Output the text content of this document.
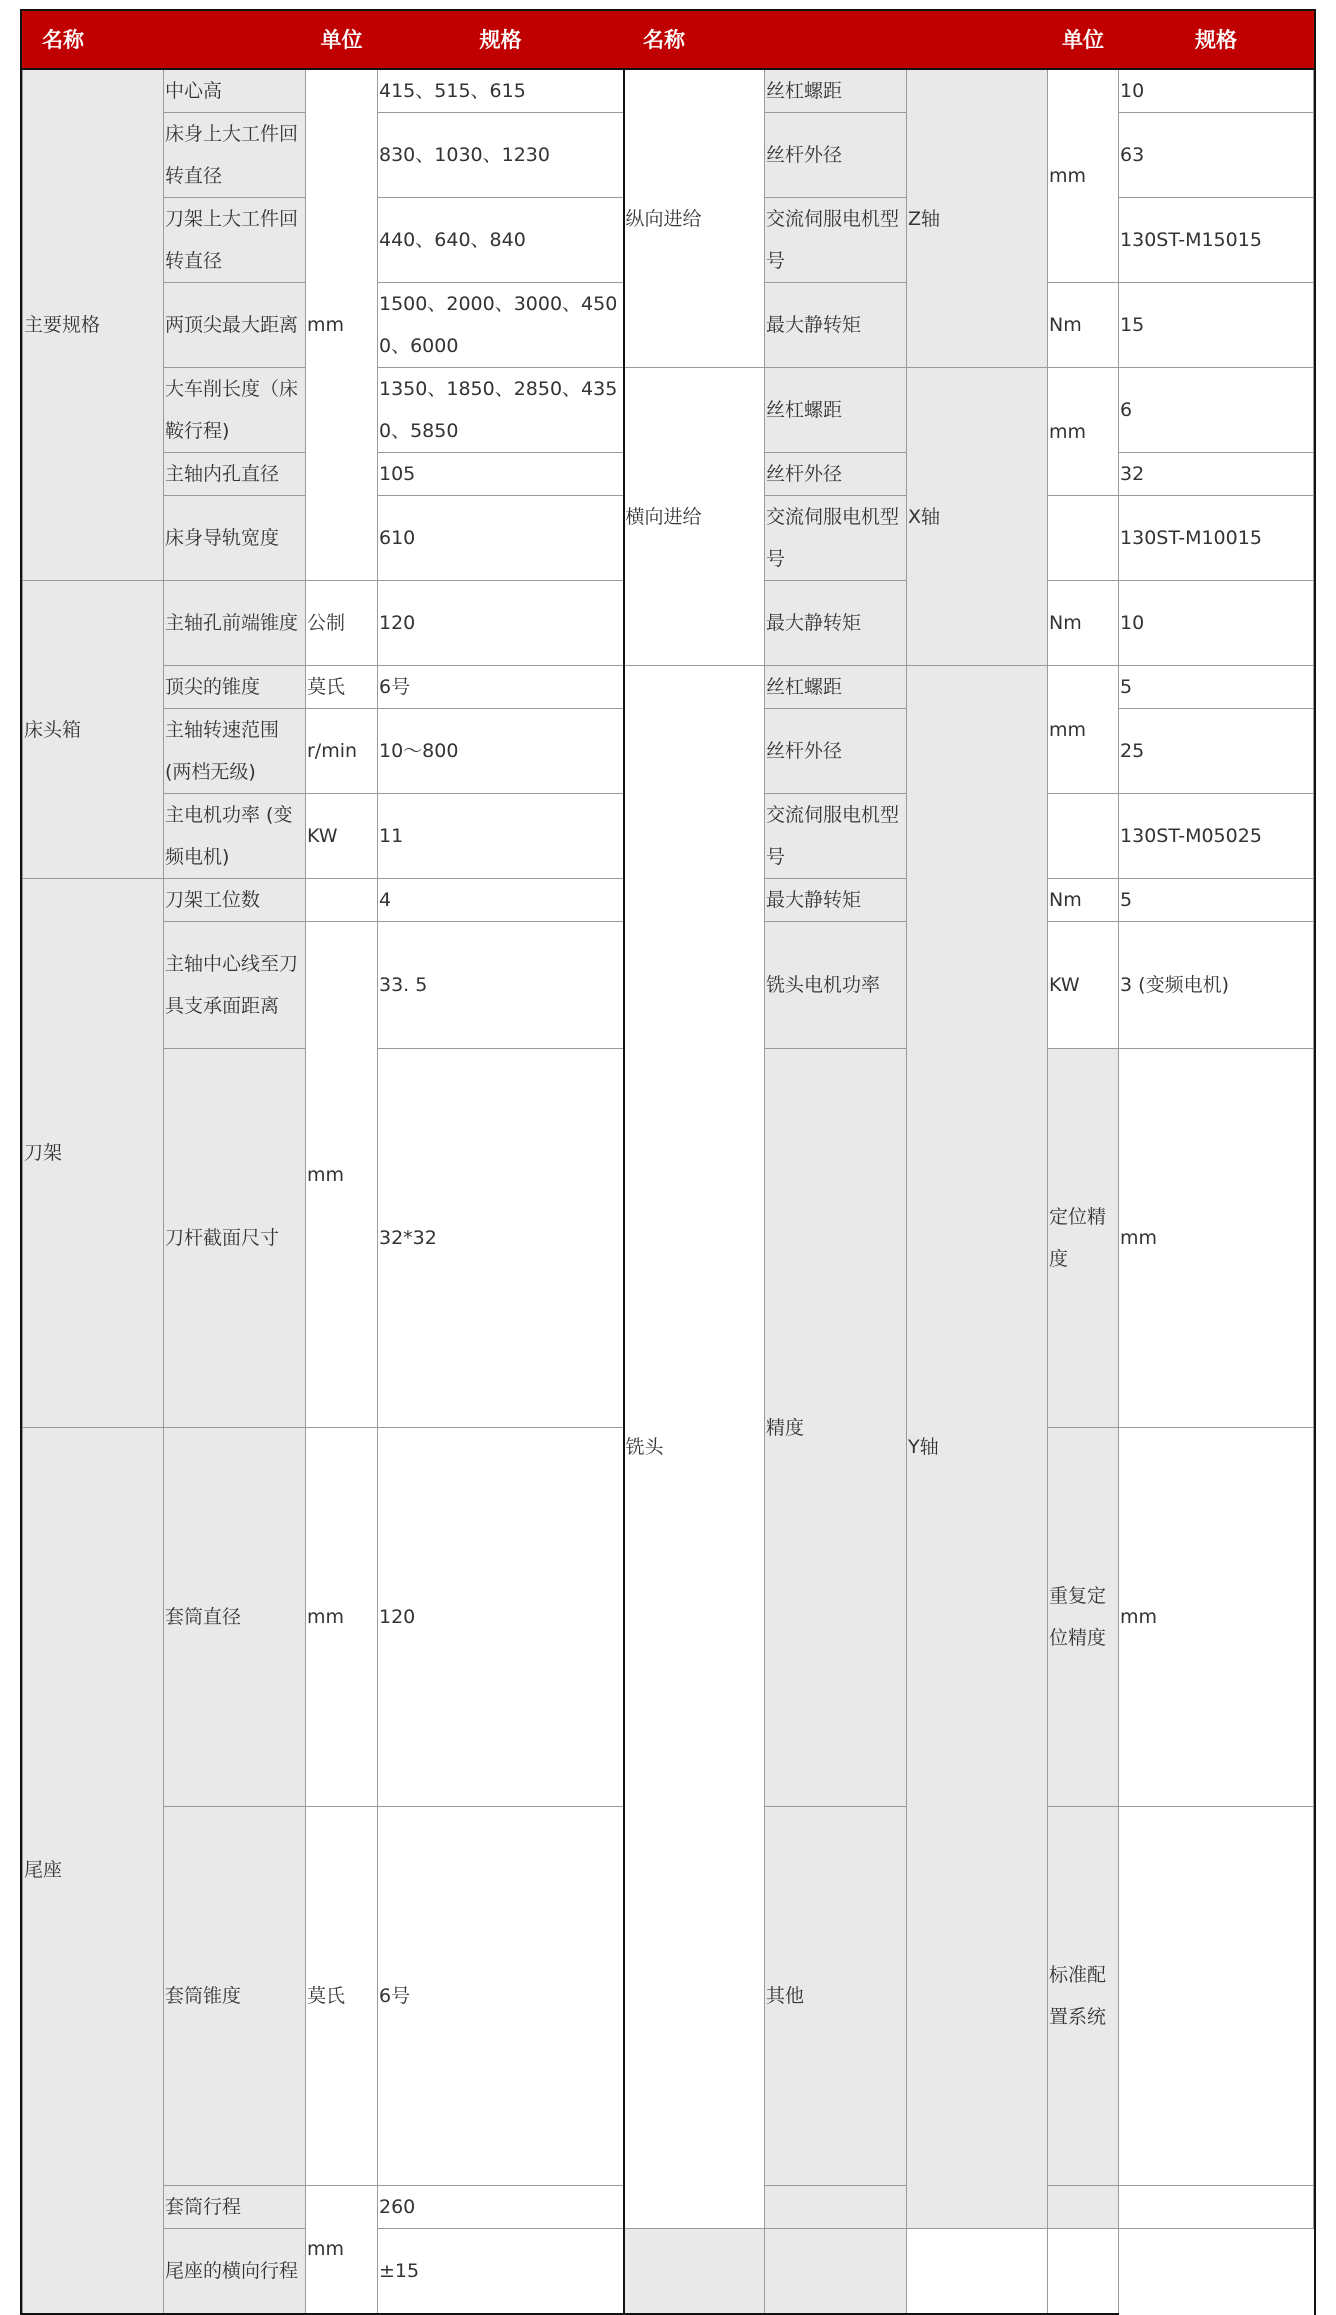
名称		单位	规格	名称			单位	规格	
主要规格	中心高	mm	415、515、615	纵向进给	丝杠螺距	Z轴	mm	10	
	床身上大工件回转直径		830、1030、1230		丝杆外径			63	
	刀架上大工件回转直径		440、640、840		交流伺服电机型号			130ST-M15015	
	两顶尖最大距离		1500、2000、3000、4500、6000		最大静转矩		Nm	15	
	大车削长度（床鞍行程)		1350、1850、2850、4350、5850	横向进给	丝杠螺距	X轴	mm	6	
	主轴内孔直径		105		丝杆外径			32	
	床身导轨宽度		610		交流伺服电机型号			130ST-M10015	
床头箱	主轴孔前端锥度	公制	120		最大静转矩		Nm	10	
	顶尖的锥度	莫氏	6号	铣头	丝杠螺距	Y轴	mm	5	
	主轴转速范围(两档无级)	r/min	10～800		丝杆外径			25	
	主电机功率 (变频电机)	KW	11		交流伺服电机型号			130ST-M05025	
刀架	刀架工位数		4		最大静转矩		Nm	5	
	主轴中心线至刀具支承面距离	mm	33. 5		铣头电机功率		KW	3 (变频电机)	
	刀杆截面尺寸		32*32		精度		定位精度	mm	
尾座	套筒直径	mm	120				重复定位精度	mm	
	套筒锥度	莫氏	6号		其他		标准配置系统		
	套筒行程	mm	260						
	尾座的横向行程		±15						
